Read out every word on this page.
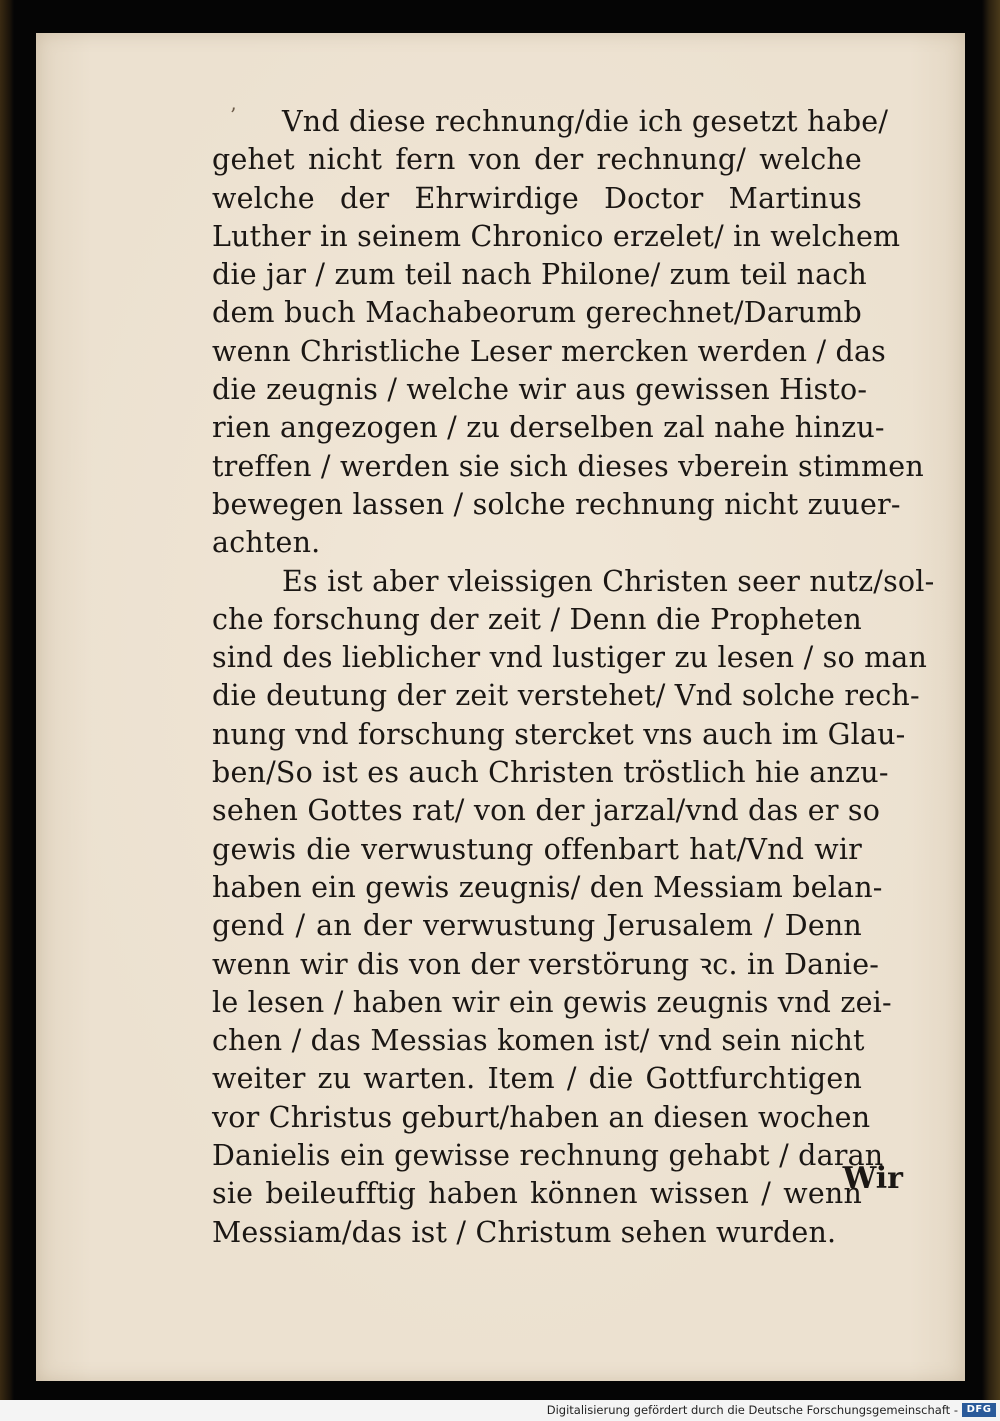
’	Vnd diese rechnung/die ich gesetzt habe/
gehet nicht fern von der rechnung/ welche
welche der Ehrwirdige Doctor Martinus
Luther in seinem Chronico erzelet/ in welchem
die jar / zum teil nach Philone/ zum teil nach
dem buch Machabeorum gerechnet/Darumb
wenn Christliche Leser mercken werden / das
die zeugnis / welche wir aus gewissen Histo-
rien angezogen / zu derselben zal nahe hinzu-
treffen / werden sie sich dieses vberein stimmen
bewegen lassen / solche rechnung nicht zuuer-
achten.
Es ist aber vleissigen Christen seer nutz/sol-
che forschung der zeit / Denn die Propheten
sind des lieblicher vnd lustiger zu lesen / so man
die deutung der zeit verstehet/ Vnd solche rech-
nung vnd forschung stercket vns auch im Glau-
ben/So ist es auch Christen tröstlich hie anzu-
sehen Gottes rat/ von der jarzal/vnd das er so
gewis die verwustung offenbart hat/Vnd wir
haben ein gewis zeugnis/ den Messiam belan-
gend / an der verwustung Jerusalem / Denn
wenn wir dis von der verstörung ꝛc. in Danie-
le lesen / haben wir ein gewis zeugnis vnd zei-
chen / das Messias komen ist/ vnd sein nicht
weiter zu warten. Item / die Gottfurchtigen
vor Christus geburt/haben an diesen wochen
Danielis ein gewisse rechnung gehabt / daran
sie beileufftig haben können wissen / wenn
Messiam/das ist / Christum sehen wurden.
Wir
Digitalisierung gefördert durch die Deutsche Forschungsgemeinschaft - DFG
